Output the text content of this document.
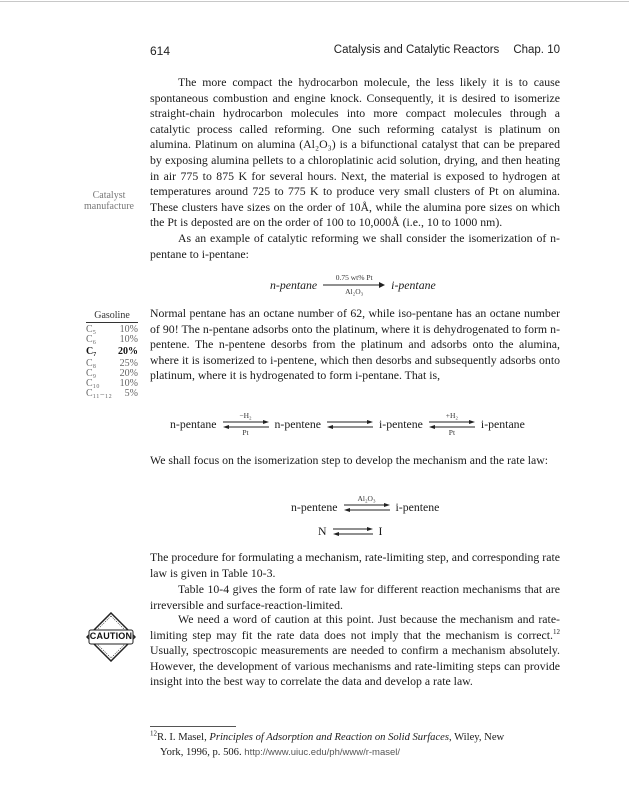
614	Catalysis and Catalytic Reactors Chap. 10
The more compact the hydrocarbon molecule, the less likely it is to cause spontaneous combustion and engine knock. Consequently, it is desired to isomerize straight-chain hydrocarbon molecules into more compact molecules through a catalytic process called reforming. One such reforming catalyst is platinum on alumina. Platinum on alumina (Al₂O₃) is a bifunctional catalyst that can be prepared by exposing alumina pellets to a chloroplatinic acid solution, drying, and then heating in air 775 to 875 K for several hours. Next, the material is exposed to hydrogen at temperatures around 725 to 775 K to produce very small clusters of Pt on alumina. These clusters have sizes on the order of 10Å, while the alumina pore sizes on which the Pt is deposted are on the order of 100 to 10,000Å (i.e., 10 to 1000 nm).
As an example of catalytic reforming we shall consider the isomerization of n-pentane to i-pentane:
n-pentane 0.75 wt% Pt
Al₂O₃ i-pentane
Catalyst
manufacture
Gasoline
C₅ 10%
C₆ 10%
C₇ 20%
C₈ 25%
C₉ 20%
C₁₀ 10%
C₁₁₋₁₂ 5%
Normal pentane has an octane number of 62, while iso-pentane has an octane number of 90! The n-pentane adsorbs onto the platinum, where it is dehydrogenated to form n-pentene. The n-pentene desorbs from the platinum and adsorbs onto the alumina, where it is isomerized to i-pentene, which then desorbs and subsequently adsorbs onto platinum, where it is hydrogenated to form i-pentane. That is,
n-pentane
−H₂
Pt
n-pentene	i-pentene
+H₂
Pt
i-pentane
We shall focus on the isomerization step to develop the mechanism and the rate law:
n-pentene
Al₂O₃
i-pentene
N	I
The procedure for formulating a mechanism, rate-limiting step, and corresponding rate law is given in Table 10-3.
Table 10-4 gives the form of rate law for different reaction mechanisms that are irreversible and surface-reaction-limited.
We need a word of caution at this point. Just because the mechanism and rate-limiting step may fit the rate data does not imply that the mechanism is correct.$^{12}$ Usually, spectroscopic measurements are needed to confirm a mechanism absolutely. However, the development of various mechanisms and rate-limiting steps can provide insight into the best way to correlate the data and develop a rate law.
CAUTION
$^{12}$R. I. Masel, Principles of Adsorption and Reaction on Solid Surfaces, Wiley, New
York, 1996, p. 506. http://www.uiuc.edu/ph/www/r-masel/
